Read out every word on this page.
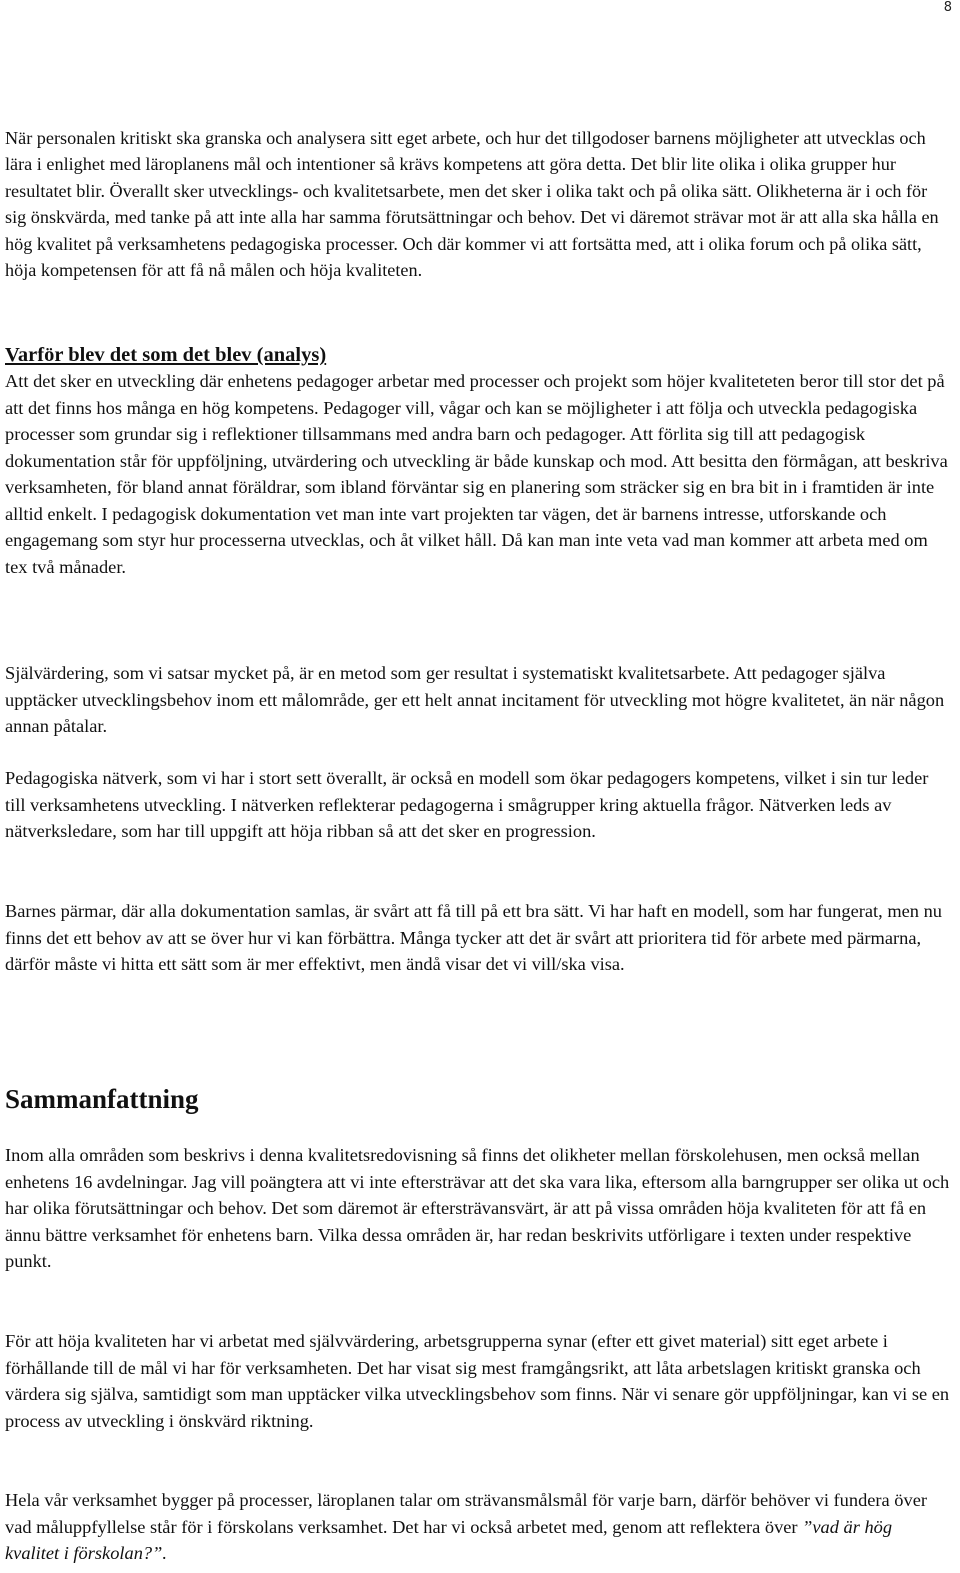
8

När personalen kritiskt ska granska och analysera sitt eget arbete, och hur det tillgodoser barnens möjligheter att utvecklas och lära i enlighet med läroplanens mål och intentioner så krävs kompetens att göra detta. Det blir lite olika i olika grupper hur resultatet blir. Överallt sker utvecklings- och kvalitetsarbete, men det sker i olika takt och på olika sätt. Olikheterna är i och för sig önskvärda, med tanke på att inte alla har samma förutsättningar och behov. Det vi däremot strävar mot är att alla ska hålla en hög kvalitet på verksamhetens pedagogiska processer. Och där kommer vi att fortsätta med, att i olika forum och på olika sätt, höja kompetensen för att få nå målen och höja kvaliteten.

Varför blev det som det blev (analys)

Att det sker en utveckling där enhetens pedagoger arbetar med processer och projekt som höjer kvaliteteten beror till stor det på att det finns hos många en hög kompetens. Pedagoger vill, vågar och kan se möjligheter i att följa och utveckla pedagogiska processer som grundar sig i reflektioner tillsammans med andra barn och pedagoger. Att förlita sig till att pedagogisk dokumentation står för uppföljning, utvärdering och utveckling är både kunskap och mod. Att besitta den förmågan, att beskriva verksamheten, för bland annat föräldrar, som ibland förväntar sig en planering som sträcker sig en bra bit in i framtiden är inte alltid enkelt. I pedagogisk dokumentation vet man inte vart projekten tar vägen, det är barnens intresse, utforskande och engagemang som styr hur processerna utvecklas, och åt vilket håll. Då kan man inte veta vad man kommer att arbeta med om tex två månader.

Självärdering, som vi satsar mycket på, är en metod som ger resultat i systematiskt kvalitetsarbete. Att pedagoger själva upptäcker utvecklingsbehov inom ett målområde, ger ett helt annat incitament för utveckling mot högre kvalitetet, än när någon annan påtalar.

Pedagogiska nätverk, som vi har i stort sett överallt, är också en modell som ökar pedagogers kompetens, vilket i sin tur leder till verksamhetens utveckling. I nätverken reflekterar pedagogerna i smågrupper kring aktuella frågor. Nätverken leds av nätverksledare, som har till uppgift att höja ribban så att det sker en progression.

Barnes pärmar, där alla dokumentation samlas, är svårt att få till på ett bra sätt. Vi har haft en modell, som har fungerat, men nu finns det ett behov av att se över hur vi kan förbättra. Många tycker att det är svårt att prioritera tid för arbete med pärmarna, därför måste vi hitta ett sätt som är mer effektivt, men ändå visar det vi vill/ska visa.

Sammanfattning

Inom alla områden som beskrivs i denna kvalitetsredovisning så finns det olikheter mellan förskolehusen, men också mellan enhetens 16 avdelningar. Jag vill poängtera att vi inte eftersträvar att det ska vara lika, eftersom alla barngrupper ser olika ut och har olika förutsättningar och behov. Det som däremot är eftersträvansvärt, är att på vissa områden höja kvaliteten för att få en ännu bättre verksamhet för enhetens barn. Vilka dessa områden är, har redan beskrivits utförligare i texten under respektive punkt.

För att höja kvaliteten har vi arbetat med självvärdering, arbetsgrupperna synar (efter ett givet material) sitt eget arbete i förhållande till de mål vi har för verksamheten. Det har visat sig mest framgångsrikt, att låta arbetslagen kritiskt granska och värdera sig själva, samtidigt som man upptäcker vilka utvecklingsbehov som finns. När vi senare gör uppföljningar, kan vi se en process av utveckling i önskvärd riktning.

Hela vår verksamhet bygger på processer, läroplanen talar om strävansmålsmål för varje barn, därför behöver vi fundera över vad måluppfyllelse står för i förskolans verksamhet. Det har vi också arbetet med, genom att reflektera över ”vad är hög kvalitet i förskolan?”.
